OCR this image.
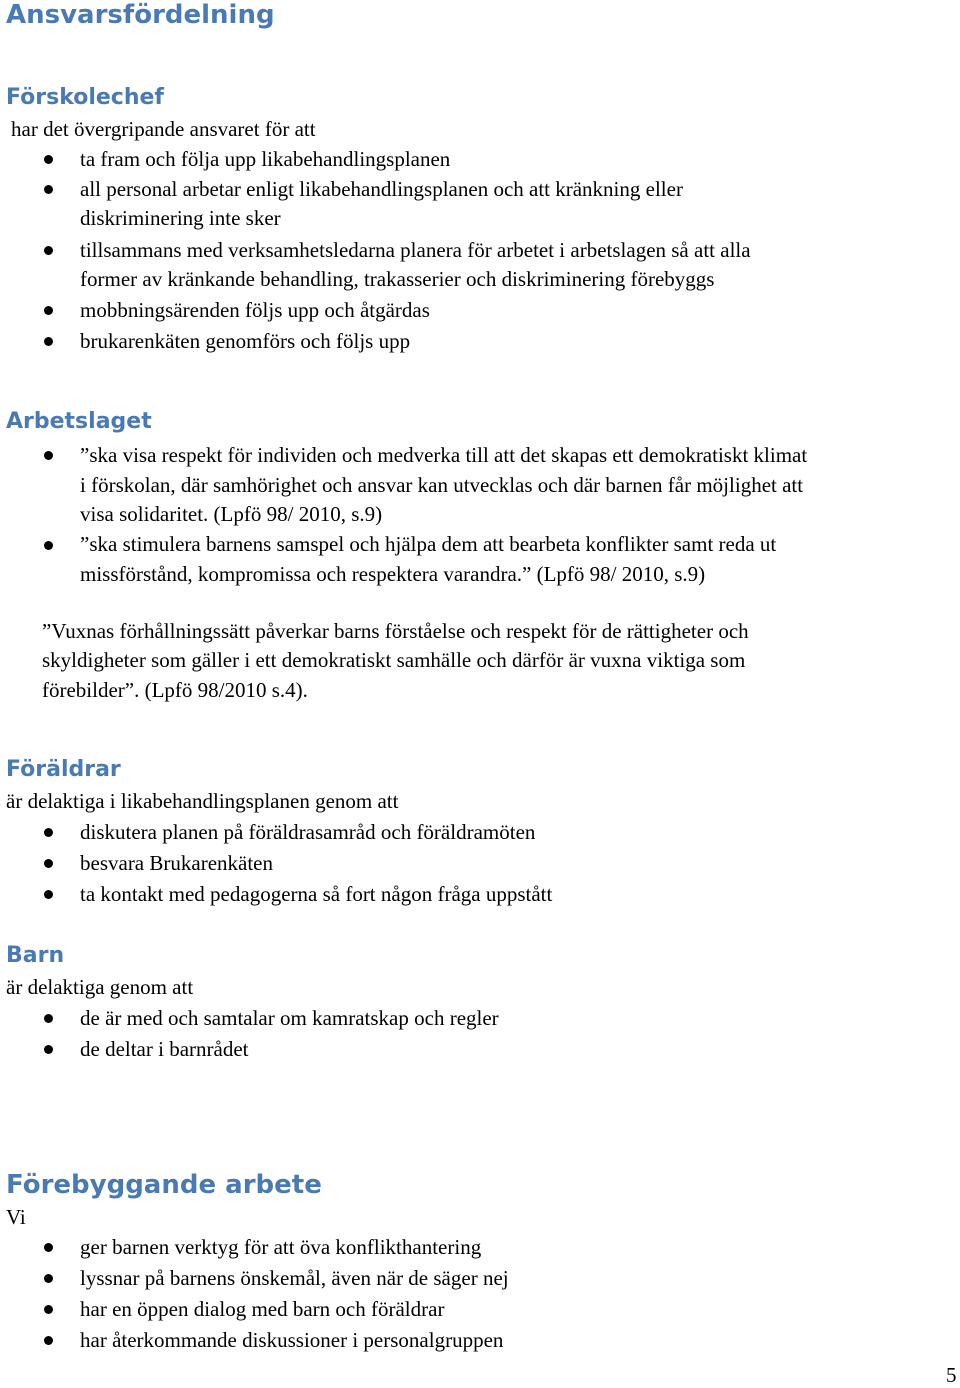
Ansvarsfördelning
Förskolechef
har det övergripande ansvaret för att
ta fram och följa upp likabehandlingsplanen
all personal arbetar enligt likabehandlingsplanen och att kränkning eller
diskriminering inte sker
tillsammans med verksamhetsledarna planera för arbetet i arbetslagen så att alla
former av kränkande behandling, trakasserier och diskriminering förebyggs
mobbningsärenden följs upp och åtgärdas
brukarenkäten genomförs och följs upp
Arbetslaget
”ska visa respekt för individen och medverka till att det skapas ett demokratiskt klimat
i förskolan, där samhörighet och ansvar kan utvecklas och där barnen får möjlighet att
visa solidaritet. (Lpfö 98/ 2010, s.9)
”ska stimulera barnens samspel och hjälpa dem att bearbeta konflikter samt reda ut
missförstånd, kompromissa och respektera varandra.” (Lpfö 98/ 2010, s.9)
”Vuxnas förhållningssätt påverkar barns förståelse och respekt för de rättigheter och
skyldigheter som gäller i ett demokratiskt samhälle och därför är vuxna viktiga som
förebilder”. (Lpfö 98/2010 s.4).
Föräldrar
är delaktiga i likabehandlingsplanen genom att
diskutera planen på föräldrasamråd och föräldramöten
besvara Brukarenkäten
ta kontakt med pedagogerna så fort någon fråga uppstått
Barn
är delaktiga genom att
de är med och samtalar om kamratskap och regler
de deltar i barnrådet
Förebyggande arbete
Vi
ger barnen verktyg för att öva konflikthantering
lyssnar på barnens önskemål, även när de säger nej
har en öppen dialog med barn och föräldrar
har återkommande diskussioner i personalgruppen
5
